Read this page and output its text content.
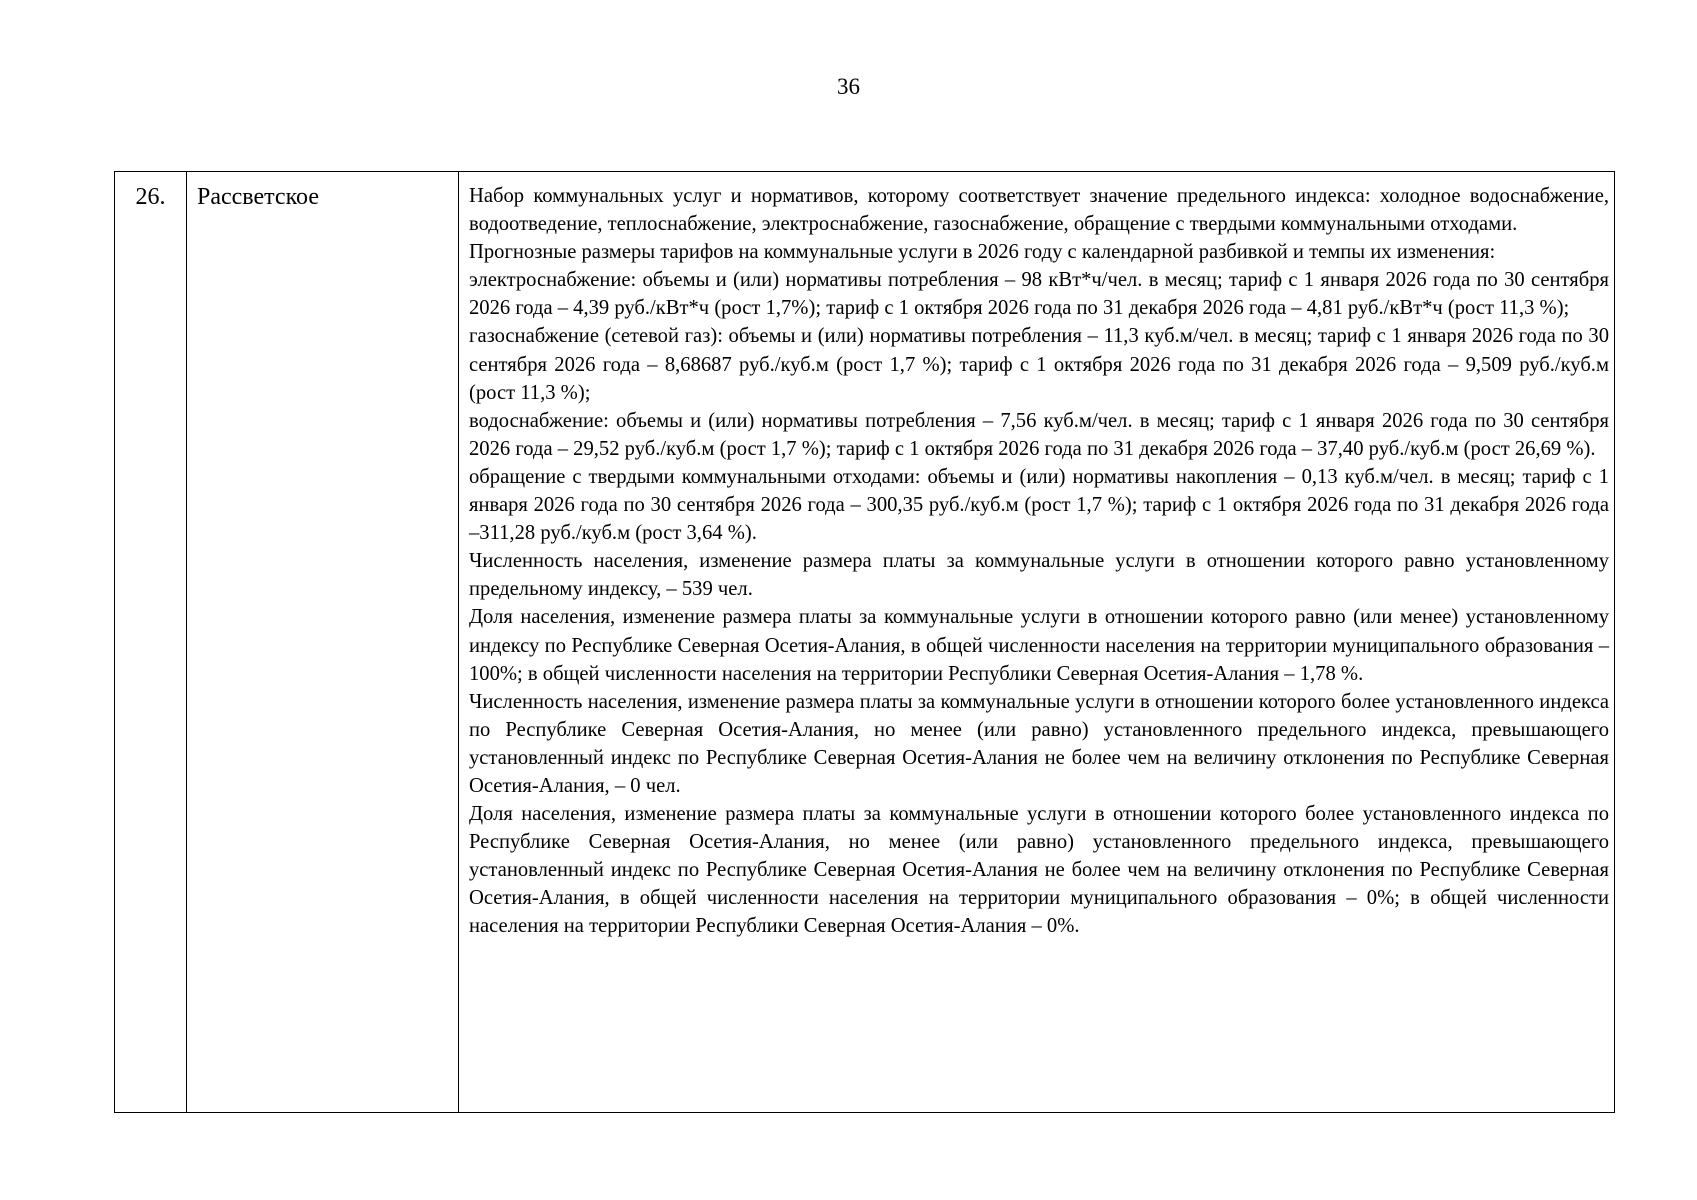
36
26.	Рассветское	Набор коммунальных услуг и нормативов, которому соответствует значение предельного индекса: холодное водоснабжение, водоотведение, теплоснабжение, электроснабжение, газоснабжение, обращение с твердыми коммунальными отходами.

Прогнозные размеры тарифов на коммунальные услуги в 2026 году с календарной разбивкой и темпы их изменения:

электроснабжение: объемы и (или) нормативы потребления – 98 кВт*ч/чел. в месяц; тариф с 1 января 2026 года по 30 сентября 2026 года – 4,39 руб./кВт*ч (рост 1,7%); тариф с 1 октября 2026 года по 31 декабря 2026 года – 4,81 руб./кВт*ч (рост 11,3 %);

газоснабжение (сетевой газ): объемы и (или) нормативы потребления – 11,3 куб.м/чел. в месяц; тариф с 1 января 2026 года по 30 сентября 2026 года – 8,68687 руб./куб.м (рост 1,7 %); тариф с 1 октября 2026 года по 31 декабря 2026 года – 9,509 руб./куб.м (рост 11,3 %);

водоснабжение: объемы и (или) нормативы потребления – 7,56 куб.м/чел. в месяц; тариф с 1 января 2026 года по 30 сентября 2026 года – 29,52 руб./куб.м (рост 1,7 %); тариф с 1 октября 2026 года по 31 декабря 2026 года – 37,40 руб./куб.м (рост 26,69 %).

обращение с твердыми коммунальными отходами: объемы и (или) нормативы накопления – 0,13 куб.м/чел. в месяц; тариф с 1 января 2026 года по 30 сентября 2026 года – 300,35 руб./куб.м (рост 1,7 %); тариф с 1 октября 2026 года по 31 декабря 2026 года –311,28 руб./куб.м (рост 3,64 %).

Численность населения, изменение размера платы за коммунальные услуги в отношении которого равно установленному предельному индексу, – 539 чел.

Доля населения, изменение размера платы за коммунальные услуги в отношении которого равно (или менее) установленному индексу по Республике Северная Осетия-Алания, в общей численности населения на территории муниципального образования – 100%; в общей численности населения на территории Республики Северная Осетия-Алания – 1,78 %.

Численность населения, изменение размера платы за коммунальные услуги в отношении которого более установленного индекса по Республике Северная Осетия-Алания, но менее (или равно) установленного предельного индекса, превышающего установленный индекс по Республике Северная Осетия-Алания не более чем на величину отклонения по Республике Северная Осетия-Алания, – 0 чел.

Доля населения, изменение размера платы за коммунальные услуги в отношении которого более установленного индекса по Республике Северная Осетия-Алания, но менее (или равно) установленного предельного индекса, превышающего установленный индекс по Республике Северная Осетия-Алания не более чем на величину отклонения по Республике Северная Осетия-Алания, в общей численности населения на территории муниципального образования – 0%; в общей численности населения на территории Республики Северная Осетия-Алания – 0%.
